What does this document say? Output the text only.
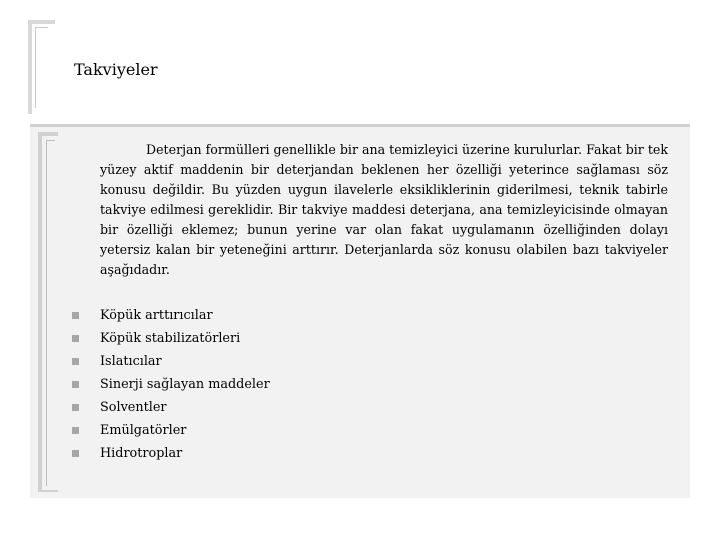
Takviyeler

Deterjan formülleri genellikle bir ana temizleyici üzerine kurulurlar. Fakat bir tek yüzey aktif maddenin bir deterjandan beklenen her özelliği yeterince sağlaması söz konusu değildir. Bu yüzden uygun ilavelerle eksikliklerinin giderilmesi, teknik tabirle takviye edilmesi gereklidir. Bir takviye maddesi deterjana, ana temizleyicisinde olmayan bir özelliği eklemez; bunun yerine var olan fakat uygulamanın özelliğinden dolayı yetersiz kalan bir yeteneğini arttırır. Deterjanlarda söz konusu olabilen bazı takviyeler aşağıdadır.

Köpük arttırıcılar
Köpük stabilizatörleri
Islatıcılar
Sinerji sağlayan maddeler
Solventler
Emülgatörler
Hidrotroplar
